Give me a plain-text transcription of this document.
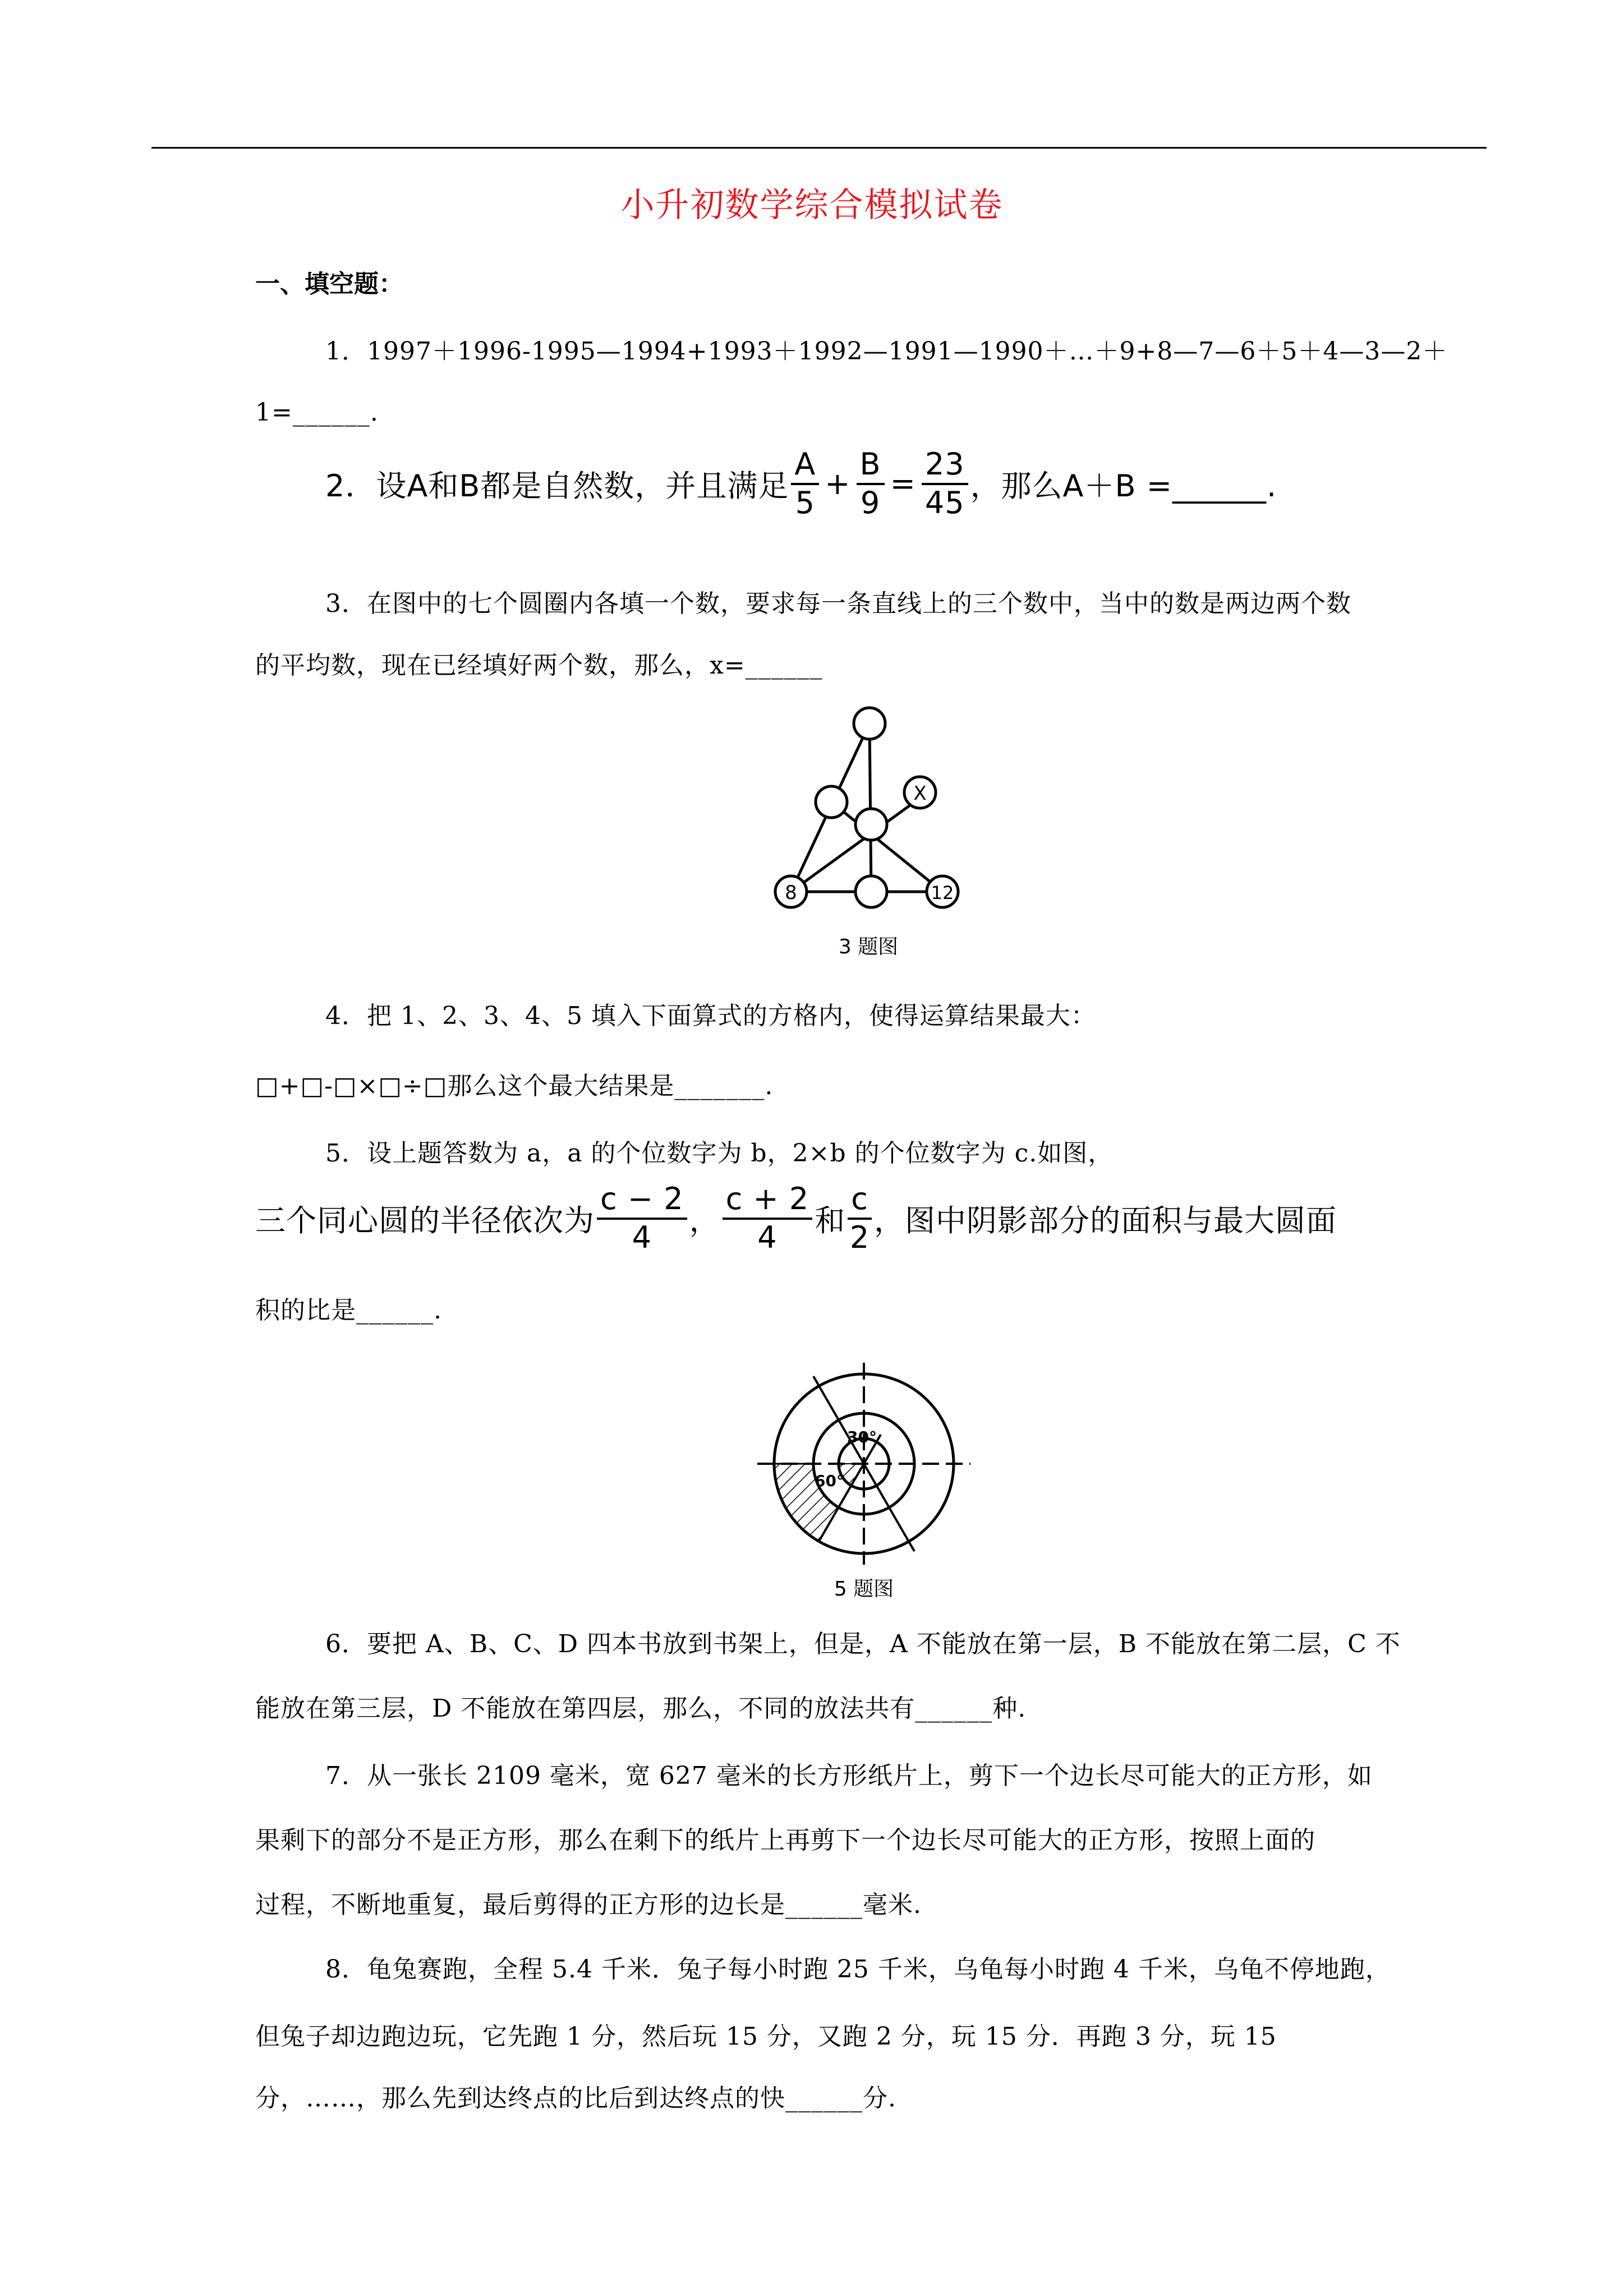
小升初数学综合模拟试卷
一、填空题：
1．1997＋1996-1995—1994+1993＋1992—1991—1990＋…＋9+8—7—6＋5＋4—3—2＋
1=______.
2．设A和B都是自然数，并且满足 $\frac{A}{5} + \frac{B}{9} = \frac{23}{45}$ ，那么A＋B =______.
3．在图中的七个圆圈内各填一个数，要求每一条直线上的三个数中，当中的数是两边两个数
的平均数，现在已经填好两个数，那么，x=______
X
8	12
3 题图
4．把 1、2、3、4、5 填入下面算式的方格内，使得运算结果最大：
□+□-□×□÷□那么这个最大结果是_______.
5．设上题答数为 a，a 的个位数字为 b，2×b 的个位数字为 c.如图，
三个同心圆的半径依次为 $\frac{c - 2}{4}$ ， $\frac{c + 2}{4}$ 和 $\frac{c}{2}$ ，图中阴影部分的面积与最大圆面
积的比是______.
30°
60°
5 题图
6．要把 A、B、C、D 四本书放到书架上，但是，A 不能放在第一层，B 不能放在第二层，C 不
能放在第三层，D 不能放在第四层，那么，不同的放法共有______种.
7．从一张长 2109 毫米，宽 627 毫米的长方形纸片上，剪下一个边长尽可能大的正方形，如
果剩下的部分不是正方形，那么在剩下的纸片上再剪下一个边长尽可能大的正方形，按照上面的
过程，不断地重复，最后剪得的正方形的边长是______毫米.
8．龟兔赛跑，全程 5.4 千米．兔子每小时跑 25 千米，乌龟每小时跑 4 千米，乌龟不停地跑，
但兔子却边跑边玩，它先跑 1 分，然后玩 15 分，又跑 2 分，玩 15 分．再跑 3 分，玩 15
分，……，那么先到达终点的比后到达终点的快______分.
